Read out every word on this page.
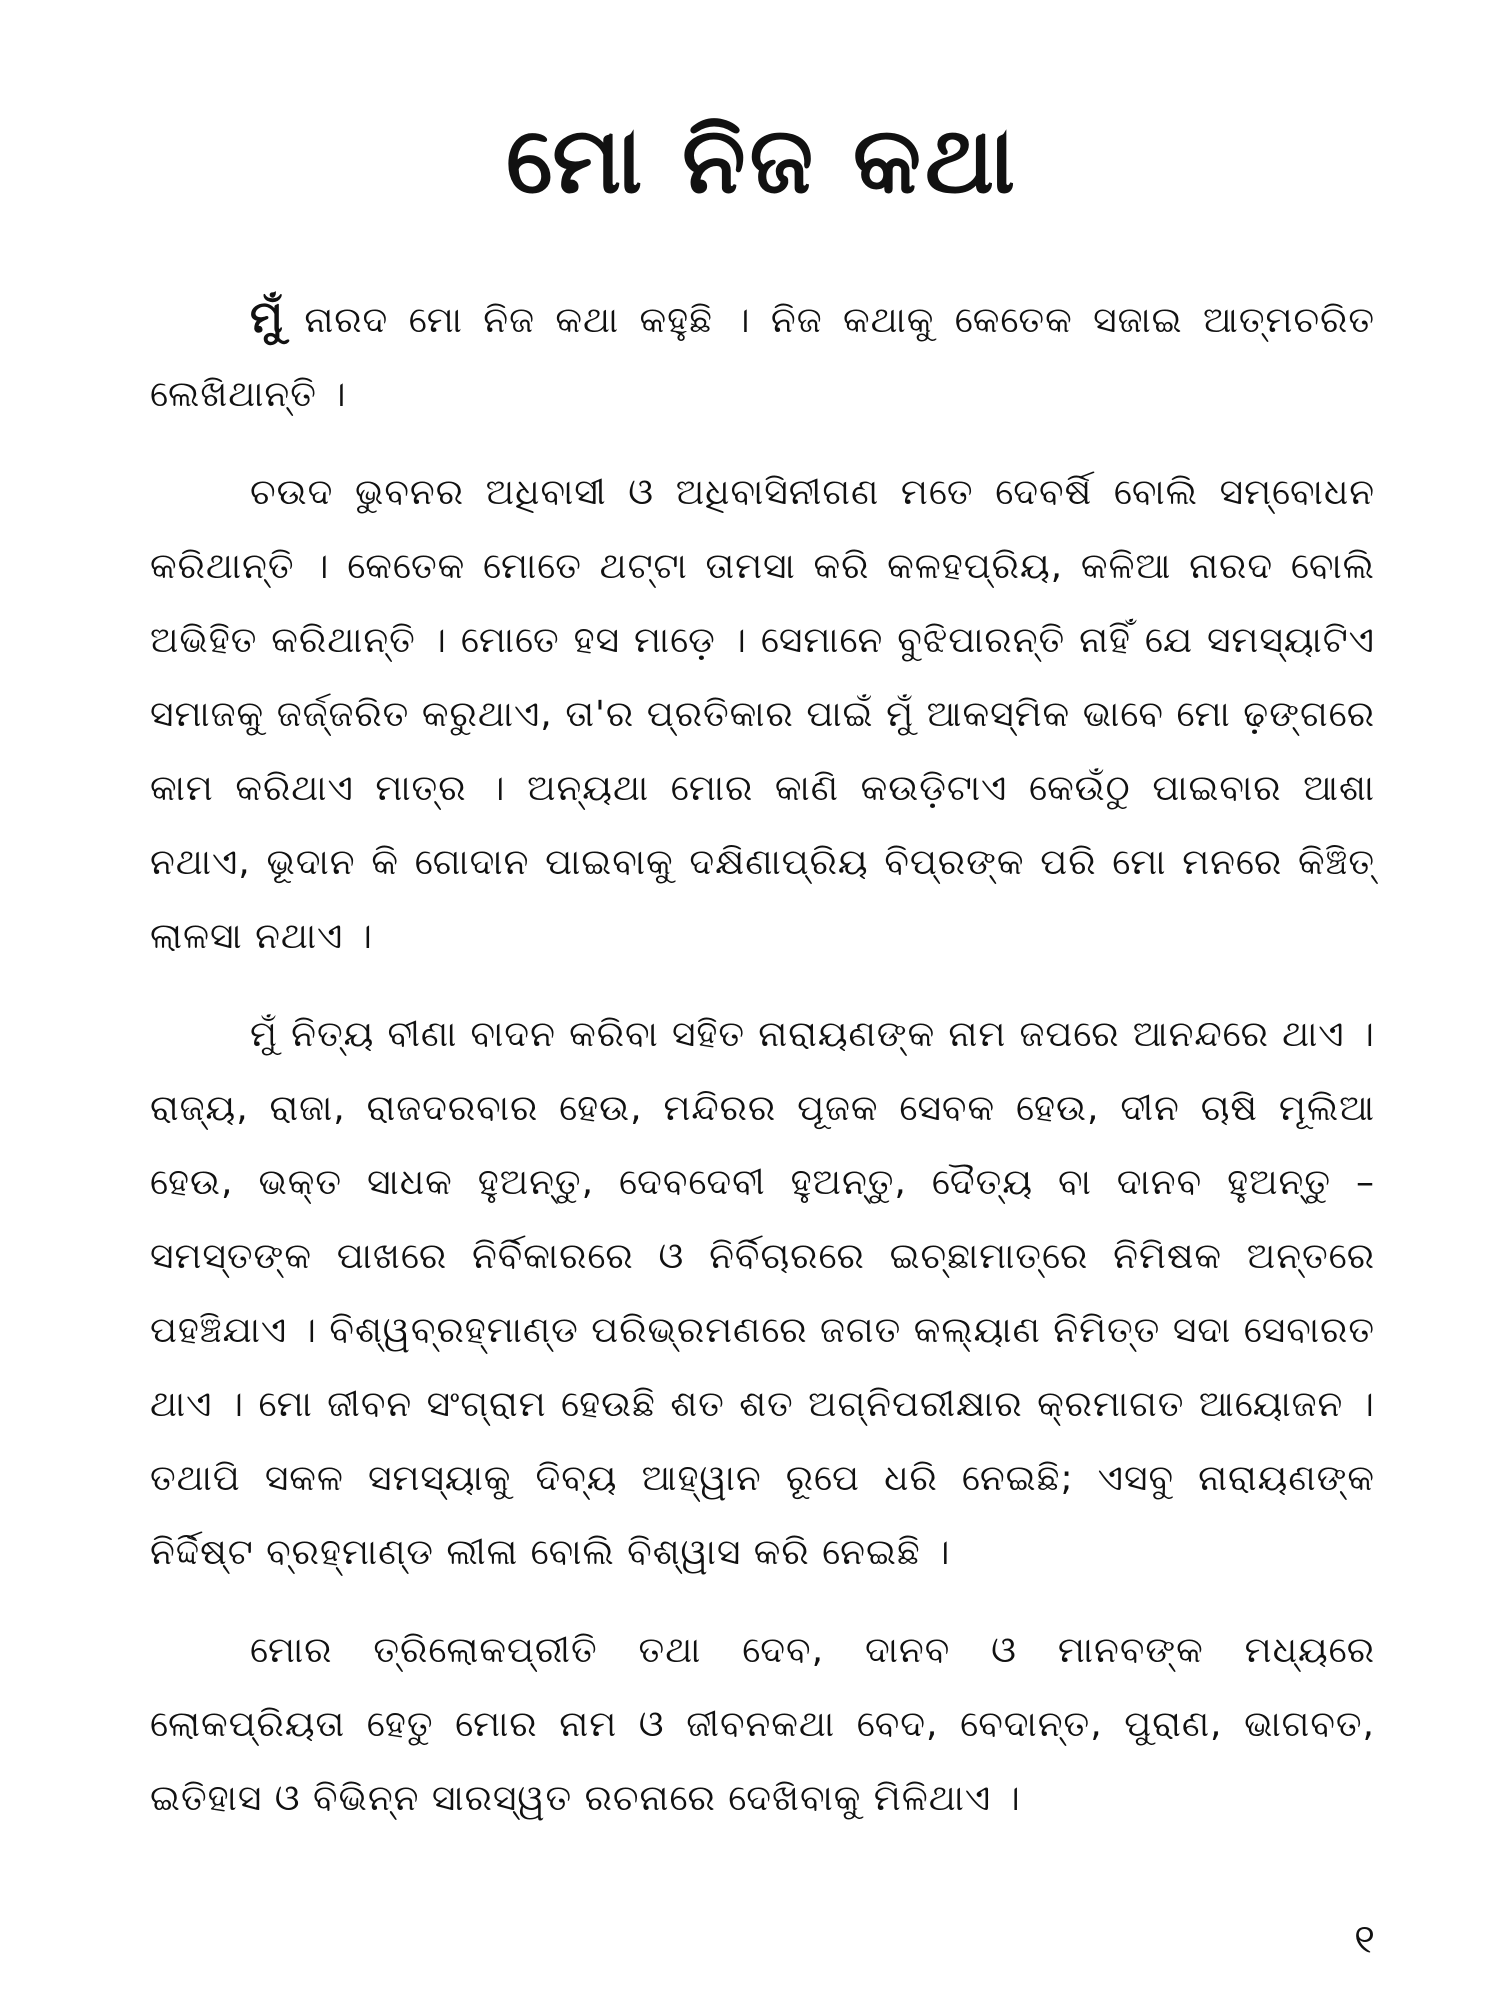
ମୋ ନିଜ କଥା

ମୁଁ ନାରଦ ମୋ ନିଜ କଥା କହୁଛି । ନିଜ କଥାକୁ କେତେକ ସଜାଇ ଆତ୍ମଚରିତ ଲେଖିଥାନ୍ତି ।

ଚଉଦ ଭୁବନର ଅଧିବାସୀ ଓ ଅଧିବାସିନୀଗଣ ମତେ ଦେବର୍ଷି ବୋଲି ସମ୍ବୋଧନ କରିଥାନ୍ତି । କେତେକ ମୋତେ ଥଟ୍ଟା ତାମସା କରି କଳହପ୍ରିୟ, କଳିଆ ନାରଦ ବୋଲି ଅଭିହିତ କରିଥାନ୍ତି । ମୋତେ ହସ ମାଡ଼େ । ସେମାନେ ବୁଝିପାରନ୍ତି ନାହିଁ ଯେ ସମସ୍ୟାଟିଏ ସମାଜକୁ ଜର୍ଜ୍ଜରିତ କରୁଥାଏ, ତା'ର ପ୍ରତିକାର ପାଇଁ ମୁଁ ଆକସ୍ମିକ ଭାବେ ମୋ ଢ଼ଙ୍ଗରେ କାମ କରିଥାଏ ମାତ୍ର । ଅନ୍ୟଥା ମୋର କାଣି କଉଡ଼ିଟାଏ କେଉଁଠୁ ପାଇବାର ଆଶା ନଥାଏ, ଭୂଦାନ କି ଗୋଦାନ ପାଇବାକୁ ଦକ୍ଷିଣାପ୍ରିୟ ବିପ୍ରଙ୍କ ପରି ମୋ ମନରେ କିଞ୍ଚିତ୍ ଲାଳସା ନଥାଏ ।

ମୁଁ ନିତ୍ୟ ବୀଣା ବାଦନ କରିବା ସହିତ ନାରାୟଣଙ୍କ ନାମ ଜପରେ ଆନନ୍ଦରେ ଥାଏ । ରାଜ୍ୟ, ରାଜା, ରାଜଦରବାର ହେଉ, ମନ୍ଦିରର ପୂଜକ ସେବକ ହେଉ, ଦୀନ ଚାଷି ମୂଲିଆ ହେଉ, ଭକ୍ତ ସାଧକ ହୁଅନ୍ତୁ, ଦେବଦେବୀ ହୁଅନ୍ତୁ, ଦୈତ୍ୟ ବା ଦାନବ ହୁଅନ୍ତୁ – ସମସ୍ତଙ୍କ ପାଖରେ ନିର୍ବିକାରରେ ଓ ନିର୍ବିଚାରରେ ଇଚ୍ଛାମାତ୍ରେ ନିମିଷକ ଅନ୍ତରେ ପହଞ୍ଚିଯାଏ । ବିଶ୍ୱବ୍ରହ୍ମାଣ୍ଡ ପରିଭ୍ରମଣରେ ଜଗତ କଲ୍ୟାଣ ନିମିତ୍ତ ସଦା ସେବାରତ ଥାଏ । ମୋ ଜୀବନ ସଂଗ୍ରାମ ହେଉଛି ଶତ ଶତ ଅଗ୍ନିପରୀକ୍ଷାର କ୍ରମାଗତ ଆୟୋଜନ । ତଥାପି ସକଳ ସମସ୍ୟାକୁ ଦିବ୍ୟ ଆହ୍ୱାନ ରୂପେ ଧରି ନେଇଛି; ଏସବୁ ନାରାୟଣଙ୍କ ନିର୍ଦ୍ଦିଷ୍ଟ ବ୍ରହ୍ମାଣ୍ଡ ଲୀଳା ବୋଲି ବିଶ୍ୱାସ କରି ନେଇଛି ।

ମୋର ତ୍ରିଲୋକପ୍ରୀତି ତଥା ଦେବ, ଦାନବ ଓ ମାନବଙ୍କ ମଧ୍ୟରେ ଲୋକପ୍ରିୟତା ହେତୁ ମୋର ନାମ ଓ ଜୀବନକଥା ବେଦ, ବେଦାନ୍ତ, ପୁରାଣ, ଭାଗବତ, ଇତିହାସ ଓ ବିଭିନ୍ନ ସାରସ୍ୱତ ରଚନାରେ ଦେଖିବାକୁ ମିଳିଥାଏ ।

୧
